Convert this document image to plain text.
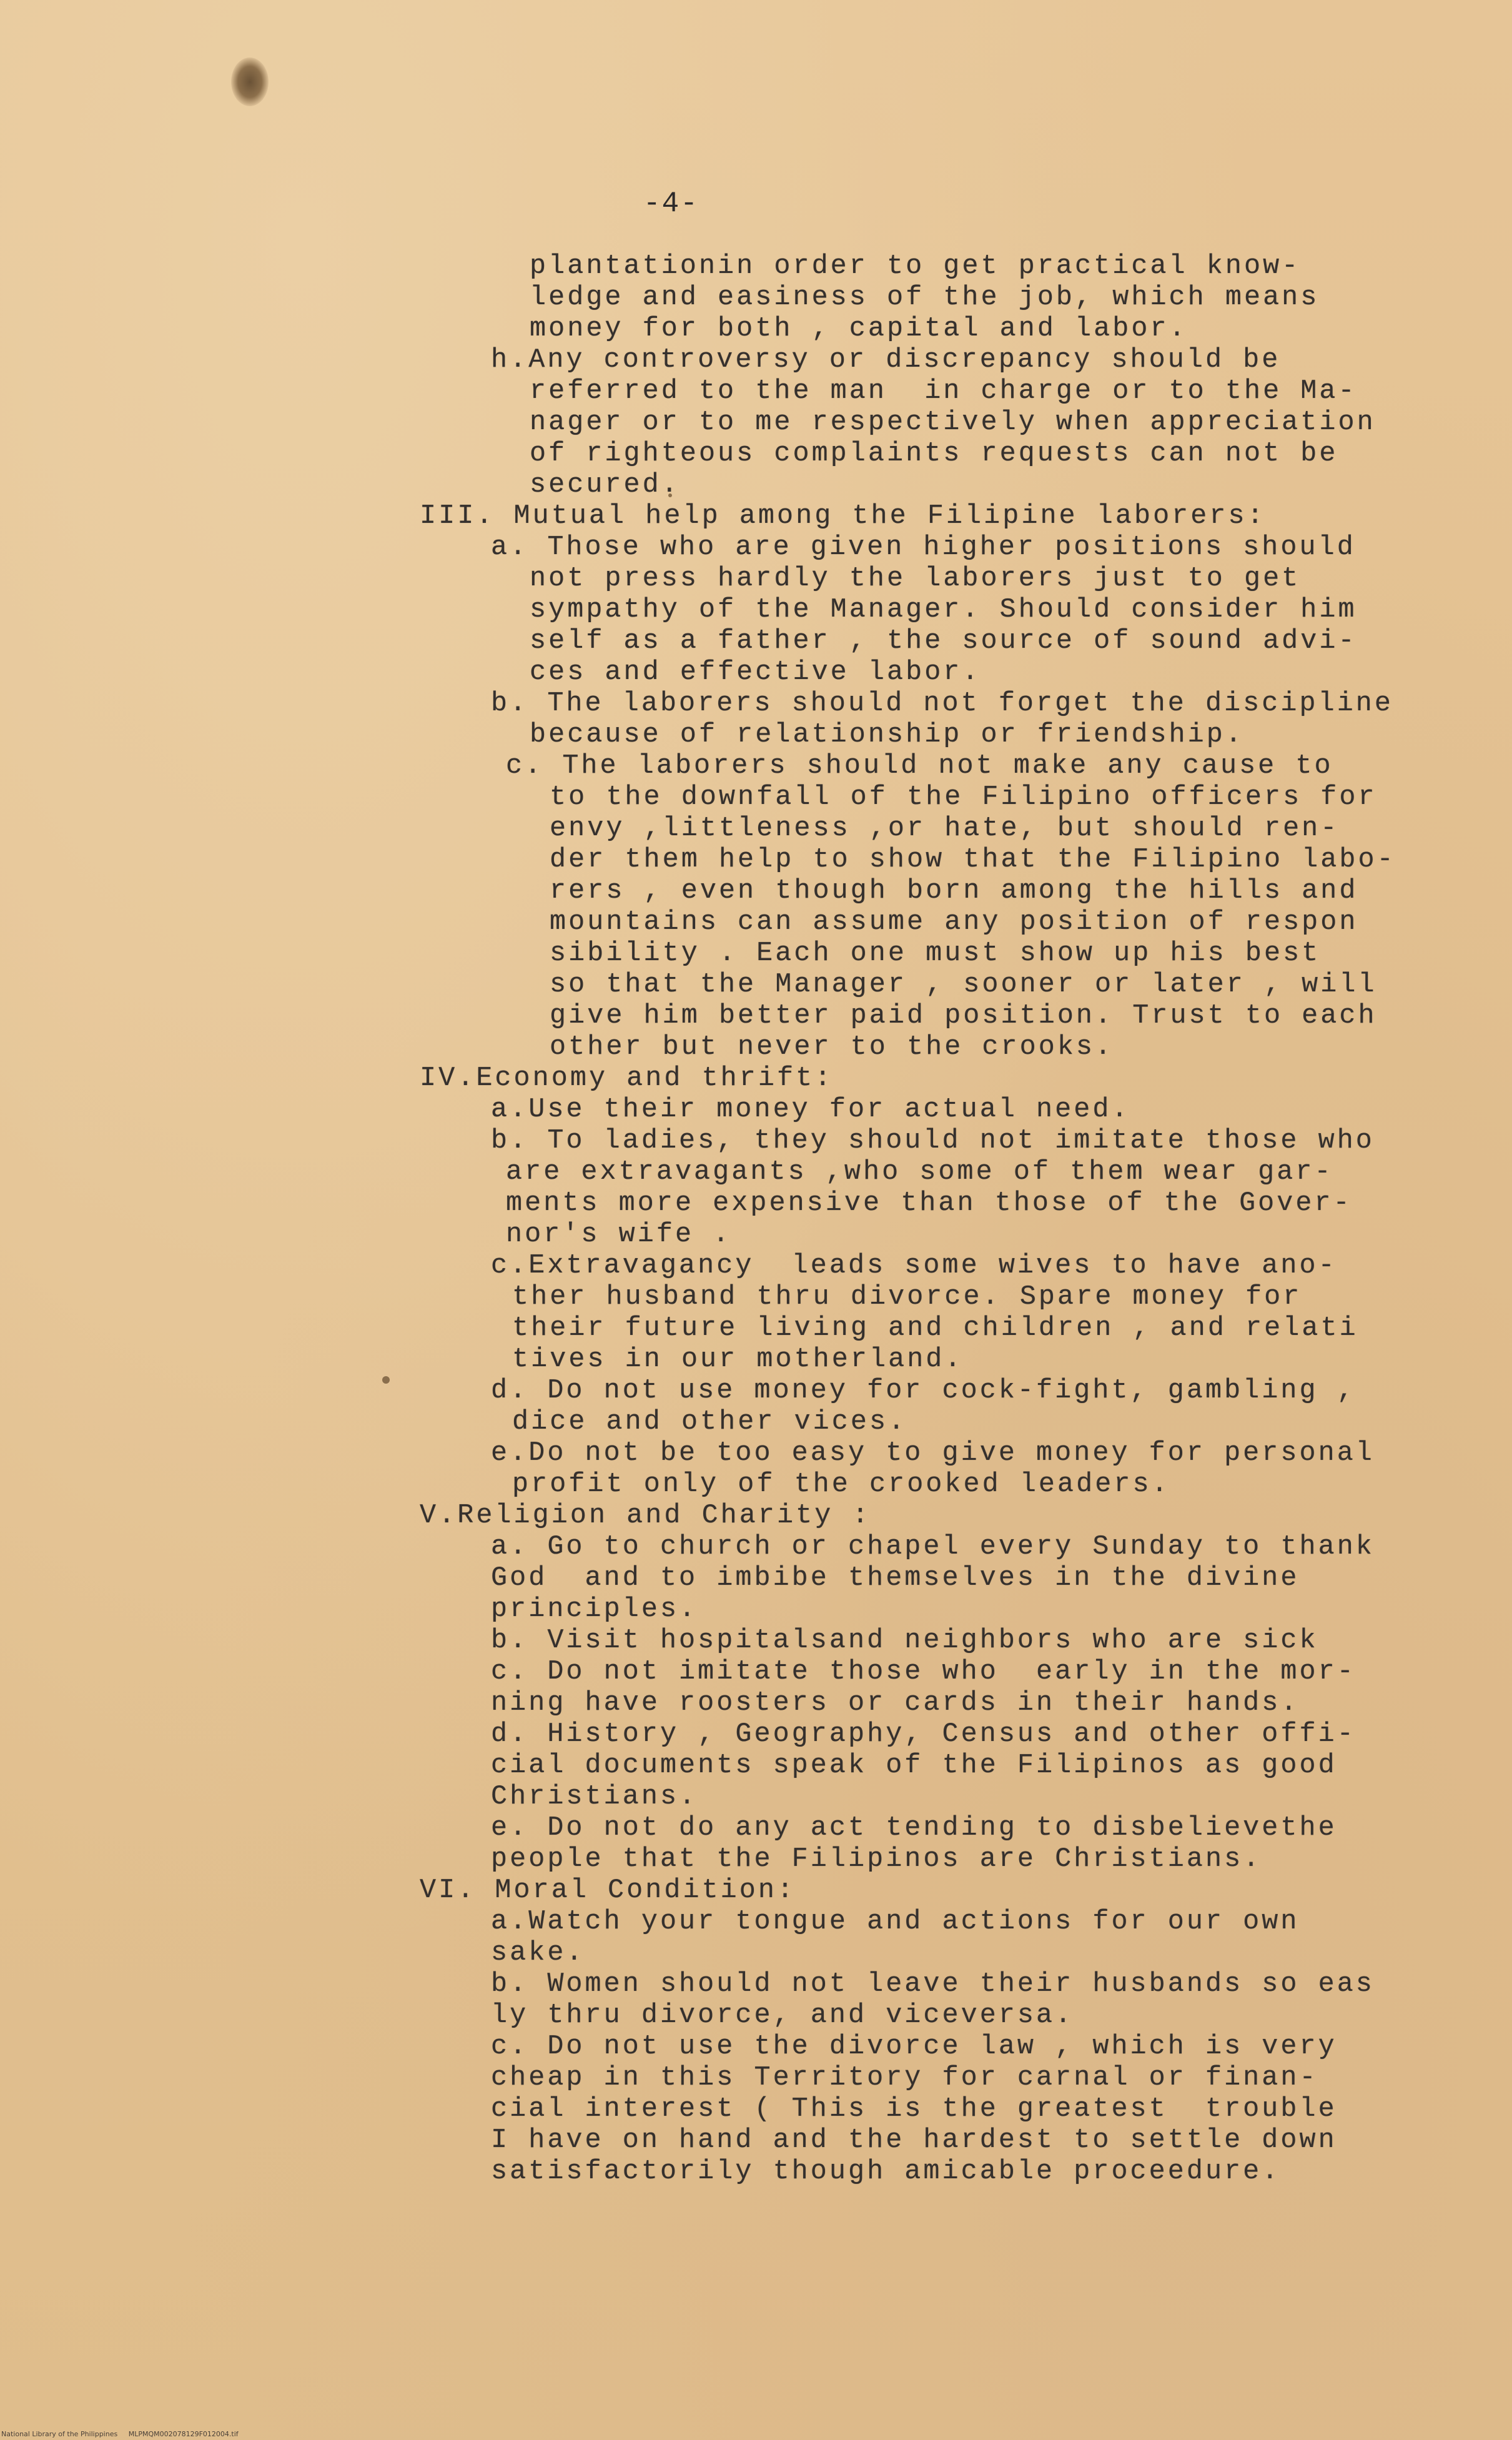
-4-

plantationin order to get practical know-

ledge and easiness of the job, which means

money for both , capital and labor.

h.Any controversy or discrepancy should be

referred to the man  in charge or to the Ma-

nager or to me respectively when appreciation

of righteous complaints requests can not be

secured.

III. Mutual help among the Filipine laborers:

a. Those who are given higher positions should

not press hardly the laborers just to get

sympathy of the Manager. Should consider him

self as a father , the source of sound advi-

ces and effective labor.

b. The laborers should not forget the discipline

because of relationship or friendship.

c. The laborers should not make any cause to

to the downfall of the Filipino officers for

envy ,littleness ,or hate, but should ren-

der them help to show that the Filipino labo-

rers , even though born among the hills and

mountains can assume any position of respon

sibility . Each one must show up his best

so that the Manager , sooner or later , will

give him better paid position. Trust to each

other but never to the crooks.

IV.Economy and thrift:

a.Use their money for actual need.

b. To ladies, they should not imitate those who

are extravagants ,who some of them wear gar-

ments more expensive than those of the Gover-

nor's wife .

c.Extravagancy  leads some wives to have ano-

ther husband thru divorce. Spare money for

their future living and children , and relati

tives in our motherland.

d. Do not use money for cock-fight, gambling ,

dice and other vices.

e.Do not be too easy to give money for personal

profit only of the crooked leaders.

V.Religion and Charity :

a. Go to church or chapel every Sunday to thank

God  and to imbibe themselves in the divine

principles.

b. Visit hospitalsand neighbors who are sick

c. Do not imitate those who  early in the mor-

ning have roosters or cards in their hands.

d. History , Geography, Census and other offi-

cial documents speak of the Filipinos as good

Christians.

e. Do not do any act tending to disbelievethe

people that the Filipinos are Christians.

VI. Moral Condition:

a.Watch your tongue and actions for our own

sake.

b. Women should not leave their husbands so eas

ly thru divorce, and viceversa.

c. Do not use the divorce law , which is very

cheap in this Territory for carnal or finan-

cial interest ( This is the greatest  trouble

I have on hand and the hardest to settle down

satisfactorily though amicable proceedure.

National Library of the Philippines MLPMQM002078129F012004.tif
